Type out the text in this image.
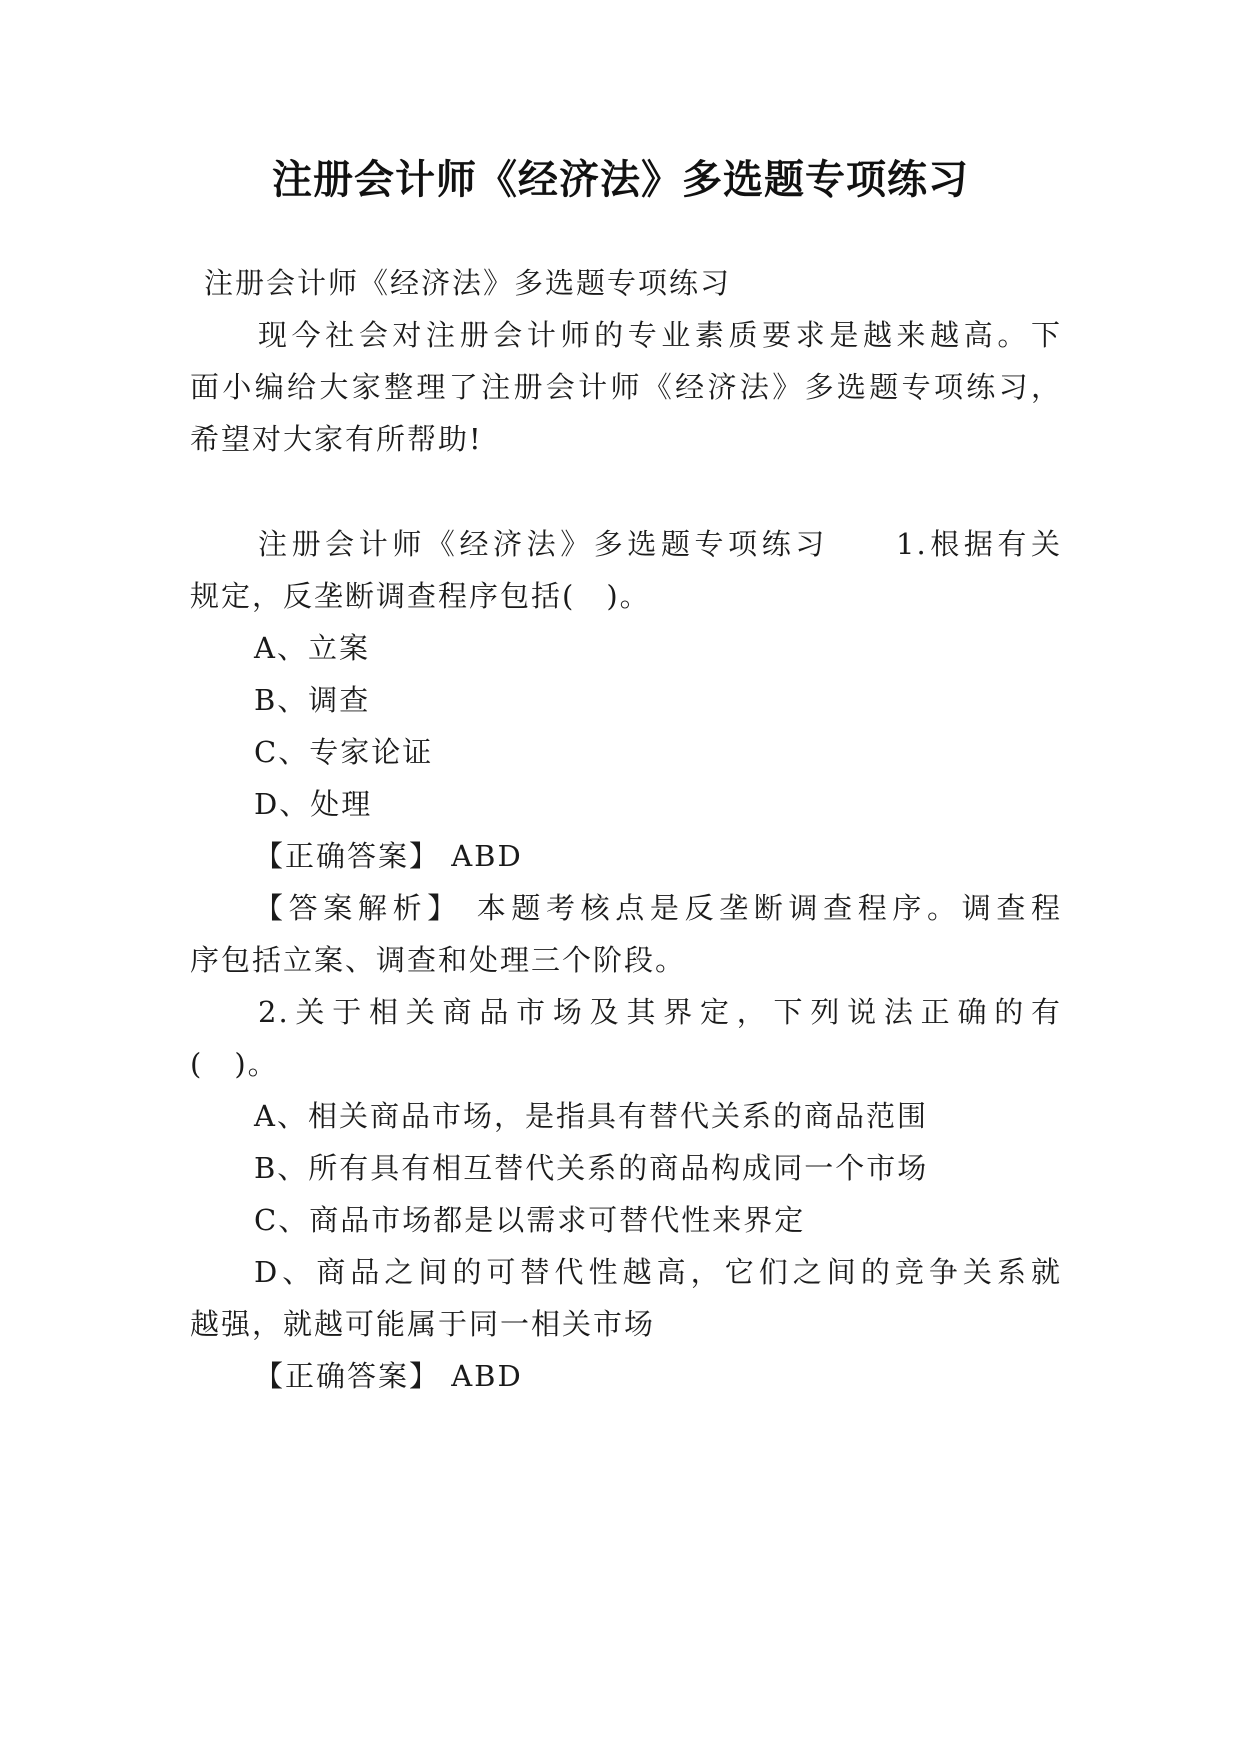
注册会计师《经济法》多选题专项练习
注册会计师《经济法》多选题专项练习
现今社会对注册会计师的专业素质要求是越来越高。下
面小编给大家整理了注册会计师《经济法》多选题专项练习，
希望对大家有所帮助!
注册会计师《经济法》多选题专项练习　　1.根据有关
规定，反垄断调查程序包括(　)。
A、立案
B、调查
C、专家论证
D、处理
【正确答案】 ABD
【答案解析】 本题考核点是反垄断调查程序。调查程
序包括立案、调查和处理三个阶段。
2.关于相关商品市场及其界定，下列说法正确的有
(　)。
A、相关商品市场，是指具有替代关系的商品范围
B、所有具有相互替代关系的商品构成同一个市场
C、商品市场都是以需求可替代性来界定
D、商品之间的可替代性越高，它们之间的竞争关系就
越强，就越可能属于同一相关市场
【正确答案】 ABD
